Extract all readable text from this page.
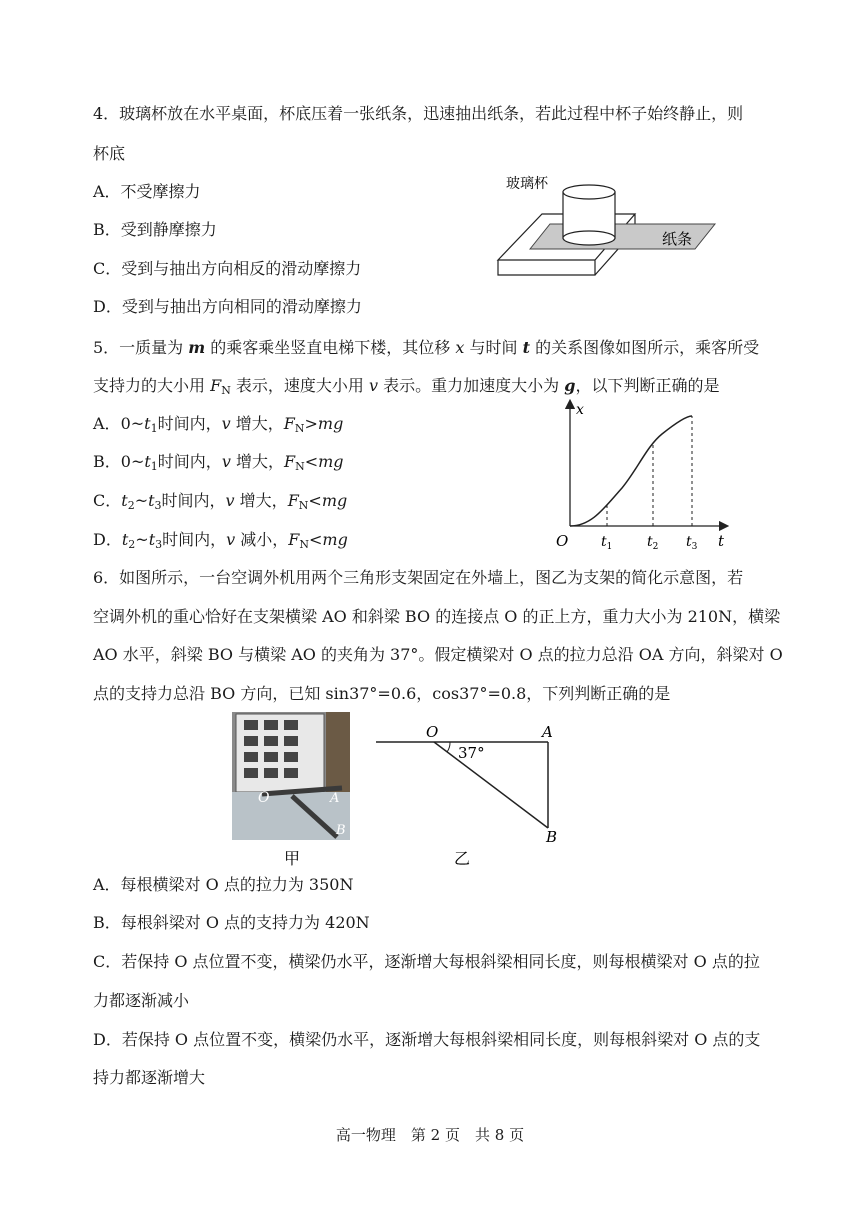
4．玻璃杯放在水平桌面，杯底压着一张纸条，迅速抽出纸条，若此过程中杯子始终静止，则
杯底
A．不受摩擦力
B．受到静摩擦力
C．受到与抽出方向相反的滑动摩擦力
D．受到与抽出方向相同的滑动摩擦力
玻璃杯
纸条
5．一质量为 m 的乘客乘坐竖直电梯下楼，其位移 x 与时间 t 的关系图像如图所示，乘客所受
支持力的大小用 $F_N$ 表示，速度大小用 v 表示。重力加速度大小为 g，以下判断正确的是
A．$0\sim t_1$时间内，v 增大，$F_N>mg$
B．$0\sim t_1$时间内，v 增大，$F_N<mg$
C．$t_2\sim t_3$时间内，v 增大，$F_N<mg$
D．$t_2\sim t_3$时间内，v 减小，$F_N<mg$
x
t
O $t_1$ $t_2$ $t_3$
6．如图所示，一台空调外机用两个三角形支架固定在外墙上，图乙为支架的简化示意图，若
空调外机的重心恰好在支架横梁 AO 和斜梁 BO 的连接点 O 的正上方，重力大小为 210N，横梁
AO 水平，斜梁 BO 与横梁 AO 的夹角为 37°。假定横梁对 O 点的拉力总沿 OA 方向，斜梁对 O
点的支持力总沿 BO 方向，已知 sin37°=0.6，cos37°=0.8，下列判断正确的是
O	A
B
甲
O	A
B
37°
乙
A．每根横梁对 O 点的拉力为 350N
B．每根斜梁对 O 点的支持力为 420N
C．若保持 O 点位置不变，横梁仍水平，逐渐增大每根斜梁相同长度，则每根横梁对 O 点的拉
力都逐渐减小
D．若保持 O 点位置不变，横梁仍水平，逐渐增大每根斜梁相同长度，则每根斜梁对 O 点的支
持力都逐渐增大
高一物理　第 2 页　共 8 页
